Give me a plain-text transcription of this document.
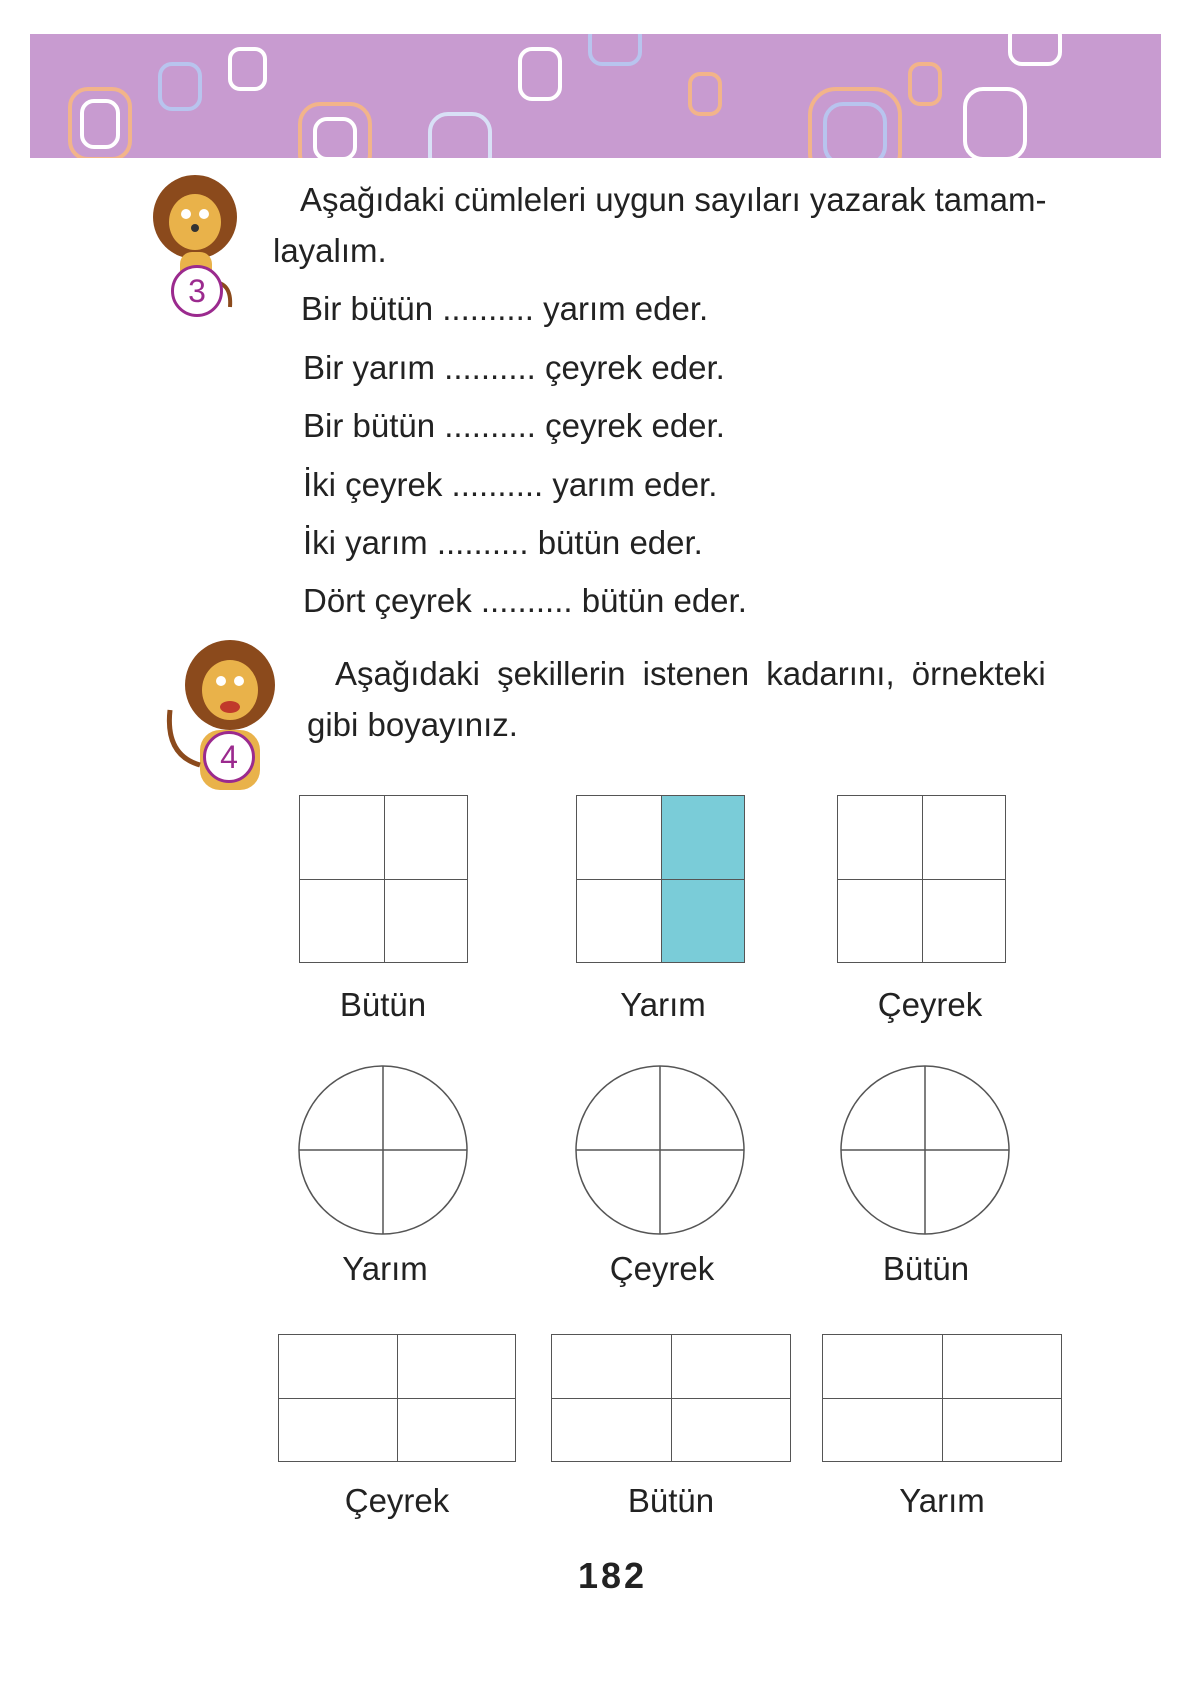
3
Aşağıdaki cümleleri uygun sayıları yazarak tamam-
layalım.
Bir bütün .......... yarım eder.
Bir yarım .......... çeyrek eder.
Bir bütün .......... çeyrek eder.
İki çeyrek .......... yarım eder.
İki yarım .......... bütün eder.
Dört çeyrek .......... bütün eder.
4
Aşağıdaki şekillerin istenen kadarını, örnekteki
gibi boyayınız.
Bütün	Yarım	Çeyrek
Yarım	Çeyrek	Bütün
Çeyrek	Bütün	Yarım
182
